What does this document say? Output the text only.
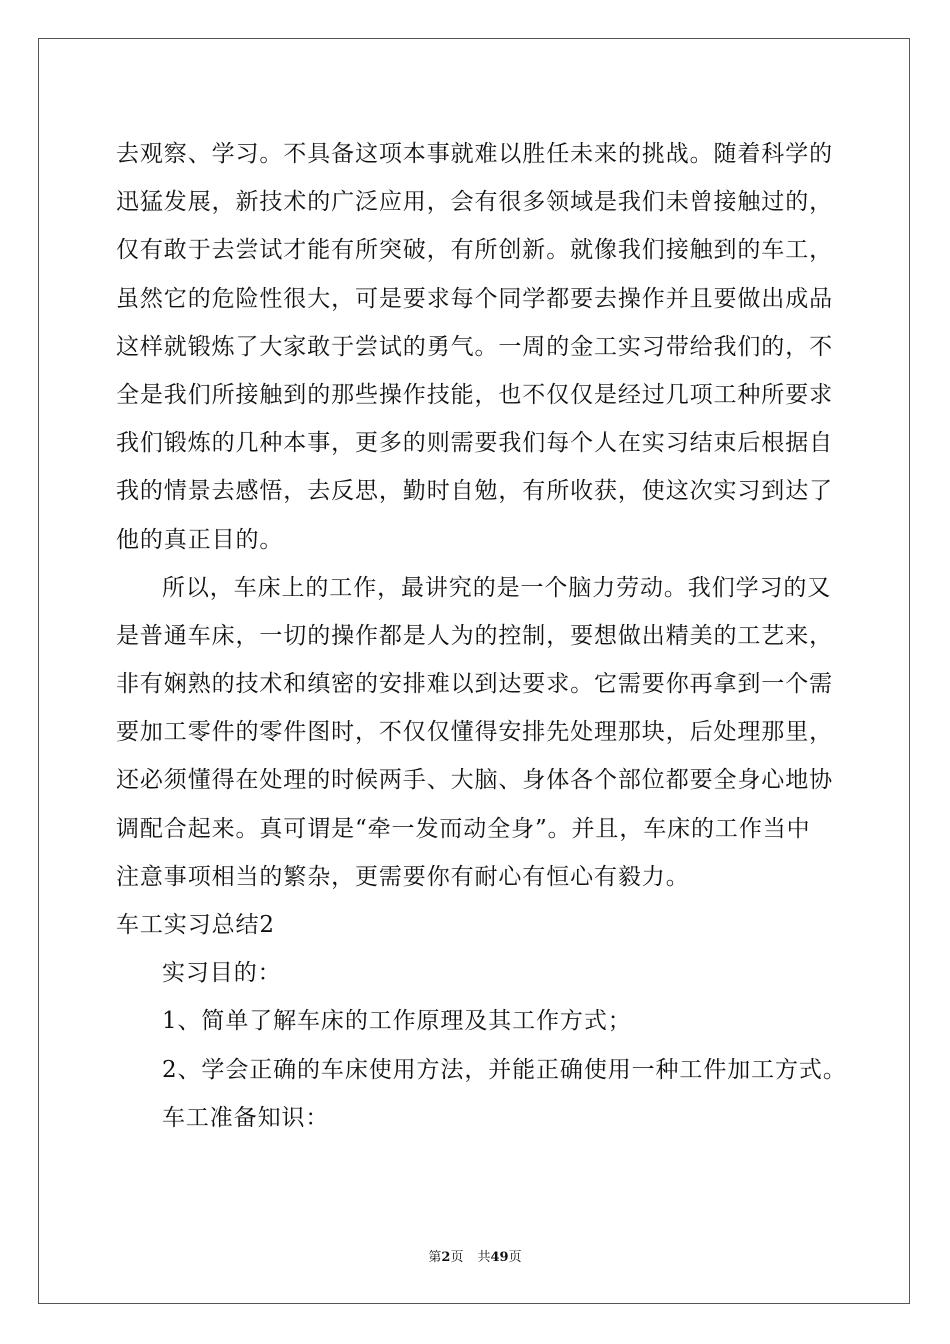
去观察、学习。不具备这项本事就难以胜任未来的挑战。随着科学的
迅猛发展，新技术的广泛应用，会有很多领域是我们未曾接触过的，
仅有敢于去尝试才能有所突破，有所创新。就像我们接触到的车工，
虽然它的危险性很大，可是要求每个同学都要去操作并且要做出成品
这样就锻炼了大家敢于尝试的勇气。一周的金工实习带给我们的，不
全是我们所接触到的那些操作技能，也不仅仅是经过几项工种所要求
我们锻炼的几种本事，更多的则需要我们每个人在实习结束后根据自
我的情景去感悟，去反思，勤时自勉，有所收获，使这次实习到达了
他的真正目的。
所以，车床上的工作，最讲究的是一个脑力劳动。我们学习的又
是普通车床，一切的操作都是人为的控制，要想做出精美的工艺来，
非有娴熟的技术和缜密的安排难以到达要求。它需要你再拿到一个需
要加工零件的零件图时，不仅仅懂得安排先处理那块，后处理那里，
还必须懂得在处理的时候两手、大脑、身体各个部位都要全身心地协
调配合起来。真可谓是“牵一发而动全身”。并且，车床的工作当中
注意事项相当的繁杂，更需要你有耐心有恒心有毅力。
车工实习总结2
实习目的：
1、简单了解车床的工作原理及其工作方式；
2、学会正确的车床使用方法，并能正确使用一种工件加工方式。
车工准备知识：
第2页 共49页
